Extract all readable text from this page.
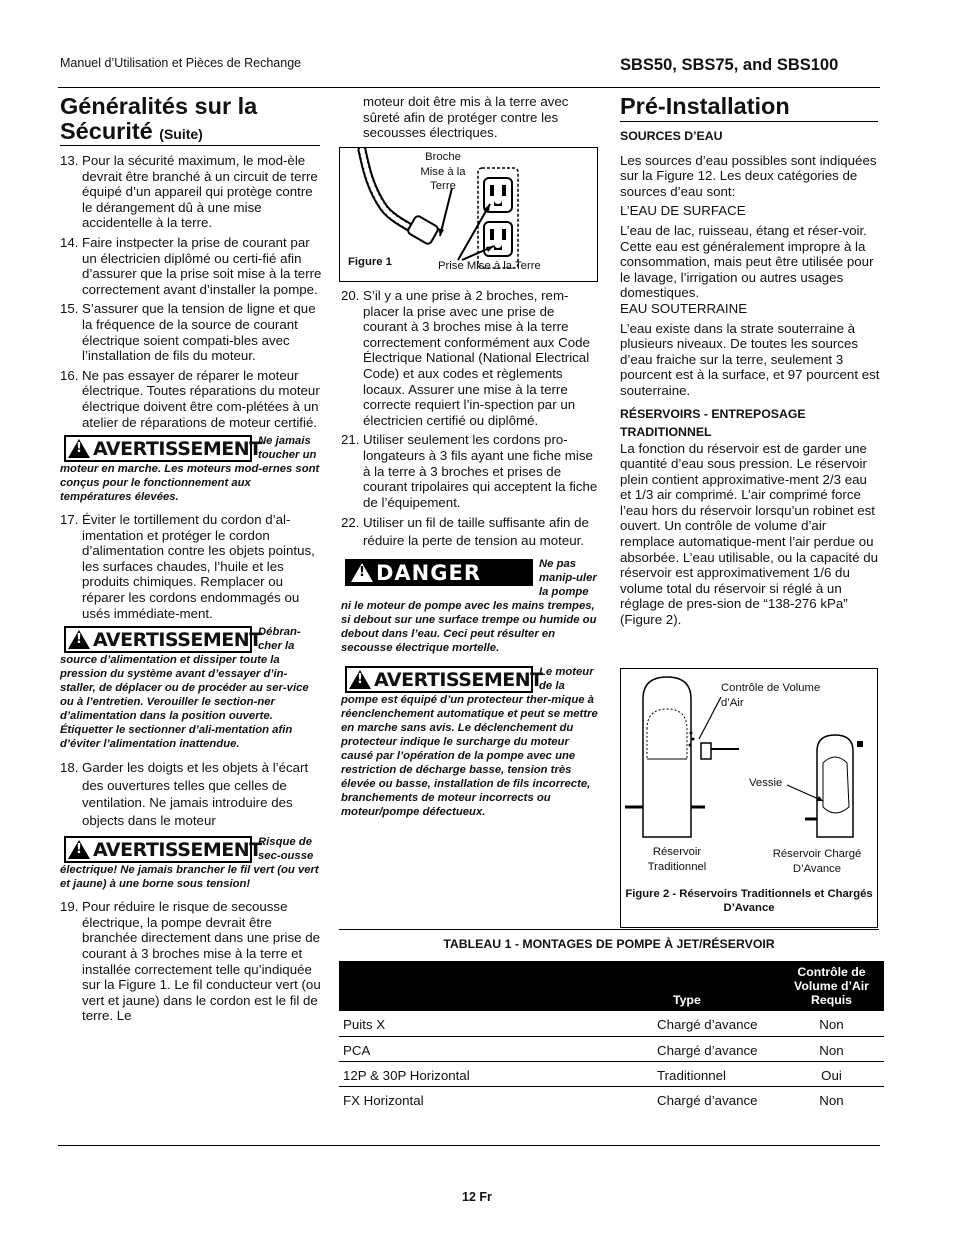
Manuel d’Utilisation et Pièces de Rechange	SBS50, SBS75, and SBS100
Généralités sur la
Sécurité (Suite)
13. Pour la sécurité maximum, le mod-èle devrait être branché à un circuit de terre équipé d’un appareil qui protège contre le dérangement dû à une mise accidentelle à la terre.
14. Faire instpecter la prise de courant par un électricien diplômé ou certi-fié afin d’assurer que la prise soit mise à la terre correctement avant d’installer la pompe.
15. S’assurer que la tension de ligne et que la fréquence de la source de courant électrique soient compati-bles avec l’installation de fils du moteur.
16. Ne pas essayer de réparer le moteur électrique. Toutes réparations du moteur électrique doivent être com-plétées à un atelier de réparations de moteur certifié.
!
AVERTISSEMENT
Ne jamais toucher un moteur en marche. Les moteurs mod-ernes sont conçus pour le fonctionnement aux températures élevées.
17. Éviter le tortillement du cordon d’al-imentation et protéger le cordon d’alimentation contre les objets pointus, les surfaces chaudes, l’huile et les produits chimiques. Remplacer ou réparer les cordons endommagés ou usés immédiate-ment.
!
AVERTISSEMENT
Débran-cher la source d’alimentation et dissiper toute la pression du système avant d’essayer d’in-staller, de déplacer ou de procéder au ser-vice ou à l’entretien. Verouiller le section-ner d’alimentation dans la position ouverte. Étiquetter le sectionner d’ali-mentation afin d’éviter l’alimentation inattendue.
18. Garder les doigts et les objets à l’écart des ouvertures telles que celles de ventilation. Ne jamais introduire des objects dans le moteur
!
AVERTISSEMENT
Risque de sec-ousse électrique! Ne jamais brancher le fil vert (ou vert et jaune) à une borne sous tension!
19. Pour réduire le risque de secousse électrique, la pompe devrait être branchée directement dans une prise de courant à 3 broches mise à la terre et installée correctement telle qu’indiquée sur la Figure 1. Le fil conducteur vert (ou vert et jaune) dans le cordon est le fil de terre. Le
moteur doit être mis à la terre avec sûreté afin de protéger contre les secousses électriques.
Broche Mise à la Terre
Figure 1	Prise Mise à la Terre
20. S’il y a une prise à 2 broches, rem-placer la prise avec une prise de courant à 3 broches mise à la terre correctement conformément aux Code Électrique National (National Electrical Code) et aux codes et règlements locaux. Assurer une mise à la terre correcte requiert l’in-spection par un électricien certifié ou diplômé.
21. Utiliser seulement les cordons pro-longateurs à 3 fils ayant une fiche mise à la terre à 3 broches et prises de courant tripolaires qui acceptent la fiche de l’équipement.
22. Utiliser un fil de taille suffisante afin de réduire la perte de tension au moteur.
!
DANGER	Ne pas manip-uler la pompe ni le moteur de pompe avec les mains trempes, si debout sur une surface trempe ou humide ou debout dans l’eau. Ceci peut résulter en secousse électrique mortelle.
!
AVERTISSEMENT
Le moteur de la pompe est équipé d’un protecteur ther-mique à réenclenchement automatique et peut se mettre en marche sans avis. Le déclenchement du protecteur indique le surcharge du moteur causé par l’opération de la pompe avec une restriction de décharge basse, tension très élevée ou basse, installation de fils incorrecte, branchements de moteur incorrects ou moteur/pompe défectueux.
Pré-Installation
SOURCES D’EAU
Les sources d’eau possibles sont indiquées sur la Figure 12. Les deux catégories de sources d’eau sont:
L’EAU DE SURFACE
L’eau de lac, ruisseau, étang et réser-voir. Cette eau est généralement impropre à la consommation, mais peut être utilisée pour le lavage, l’irrigation ou autres usages domestiques.
EAU SOUTERRAINE
L’eau existe dans la strate souterraine à plusieurs niveaux. De toutes les sources d’eau fraiche sur la terre, seulement 3 pourcent est à la surface, et 97 pourcent est souterraine.
RÉSERVOIRS - ENTREPOSAGE TRADITIONNEL
La fonction du réservoir est de garder une quantité d’eau sous pression. Le réservoir plein contient approximative-ment 2/3 eau et 1/3 air comprimé. L’air comprimé force l’eau hors du réservoir lorsqu’un robinet est ouvert. Un contrôle de volume d’air remplace automatique-ment l’air perdue ou absorbée. L’eau utilisable, ou la capacité du réservoir est approximativement 1/6 du volume total du réservoir si réglé à un réglage de pres-sion de “138-276 kPa” (Figure 2).
Contrôle de Volume d’Air
Vessie
Réservoir Traditionnel
Réservoir Chargé D’Avance
Figure 2 - Réservoirs Traditionnels et Chargés D’Avance
TABLEAU 1 - MONTAGES DE POMPE À JET/RÉSERVOIR
	Type	Contrôle de Volume d’Air Requis
Puits X	Chargé d’avance	Non
PCA	Chargé d’avance	Non
12P & 30P Horizontal	Traditionnel	Oui
FX Horizontal	Chargé d’avance	Non
12 Fr
